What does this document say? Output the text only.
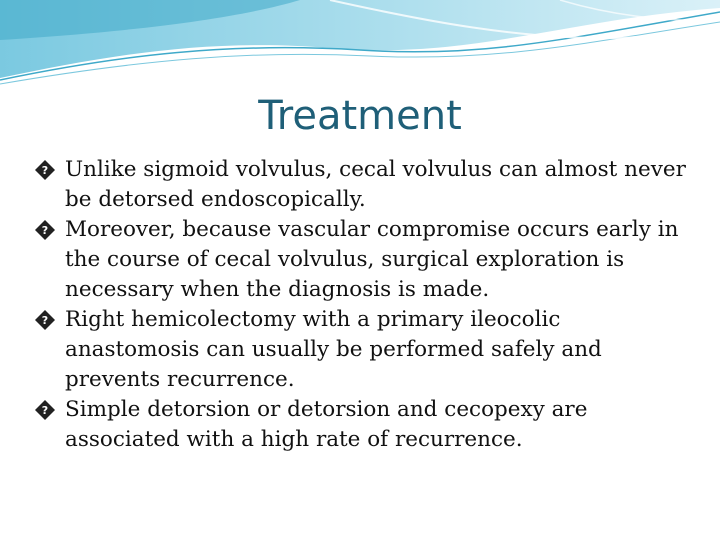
Treatment
? Unlike sigmoid volvulus, cecal volvulus can almost never be detorsed endoscopically.
? Moreover, because vascular compromise occurs early in the course of cecal volvulus, surgical exploration is necessary when the diagnosis is made.
? Right hemicolectomy with a primary ileocolic anastomosis can usually be performed safely and prevents recurrence.
? Simple detorsion or detorsion and cecopexy are associated with a high rate of recurrence.
